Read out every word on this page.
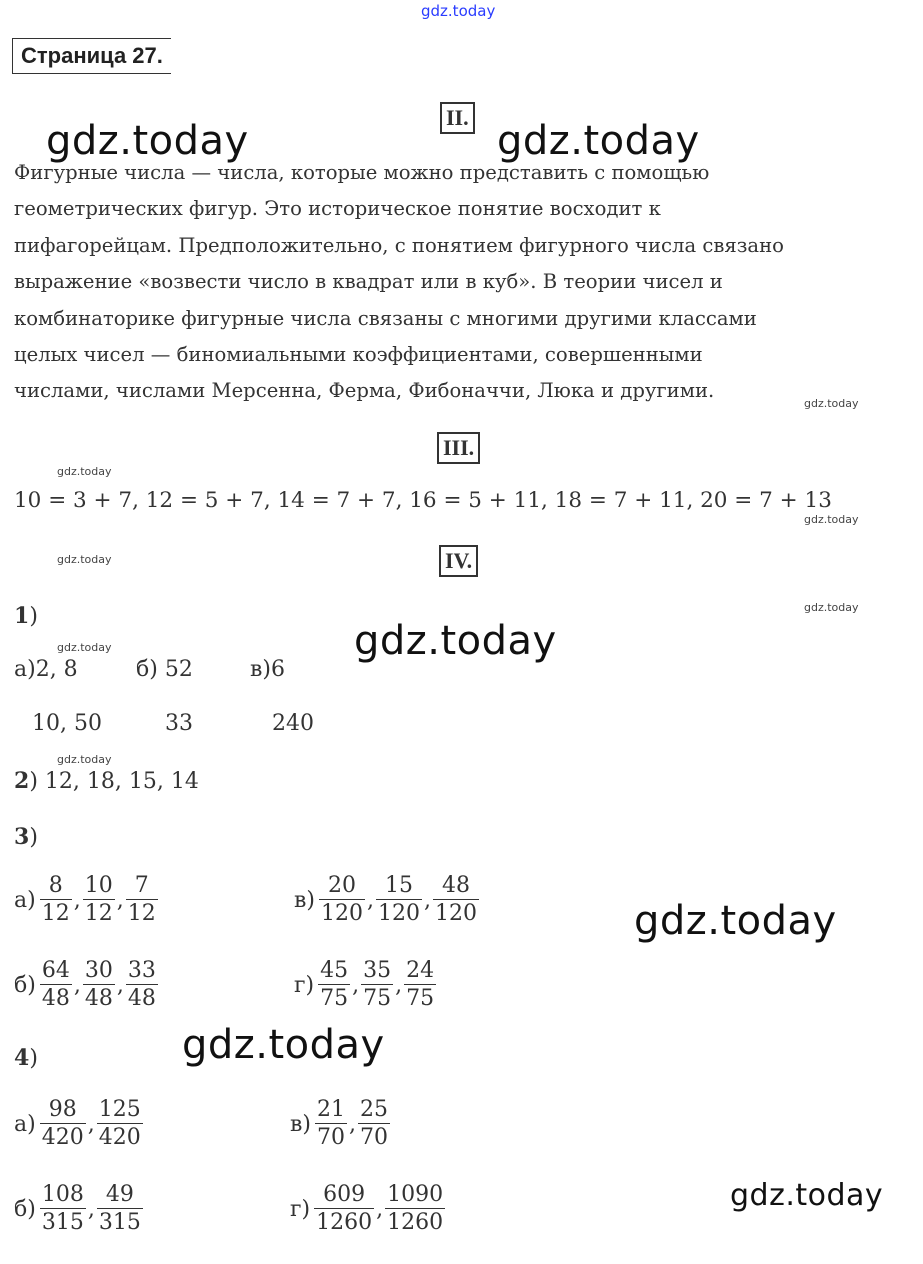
gdz.today
gdz.today	gdz.today
gdz.today
gdz.today
gdz.today
gdz.today
gdz.today
gdz.today
gdz.today
gdz.today
gdz.today
gdz.today
gdz.today
Страница 27.
II.
Фигурные числа — числа, которые можно представить с помощью
геометрических фигур. Это историческое понятие восходит к
пифагорейцам. Предположительно, с понятием фигурного числа связано
выражение «возвести число в квадрат или в куб». В теории чисел и
комбинаторике фигурные числа связаны с многими другими классами
целых чисел — биномиальными коэффициентами, совершенными
числами, числами Мерсенна, Ферма, Фибоначчи, Люка и другими.
III.
10 = 3 + 7, 12 = 5 + 7, 14 = 7 + 7, 16 = 5 + 11, 18 = 7 + 11, 20 = 7 + 13
IV.
1)
а)2, 8	б) 52	в)6
10, 50	33	240
2) 12, 18, 15, 14
3)
$а) \frac{8}{12}$ , $\frac{10}{12}$ , $\frac{7}{12}$	$в) \frac{20}{120}$ , $\frac{15}{120}$ , $\frac{48}{120}$
$б) \frac{64}{48}$ , $\frac{30}{48}$ , $\frac{33}{48}$	$г) \frac{45}{75}$ , $\frac{35}{75}$ , $\frac{24}{75}$
4)
$а) \frac{98}{420}$ , $\frac{125}{420}$	$в) \frac{21}{70}$ , $\frac{25}{70}$
$б) \frac{108}{315}$ , $\frac{49}{315}$	$г) \frac{609}{1260}$ , $\frac{1090}{1260}$
